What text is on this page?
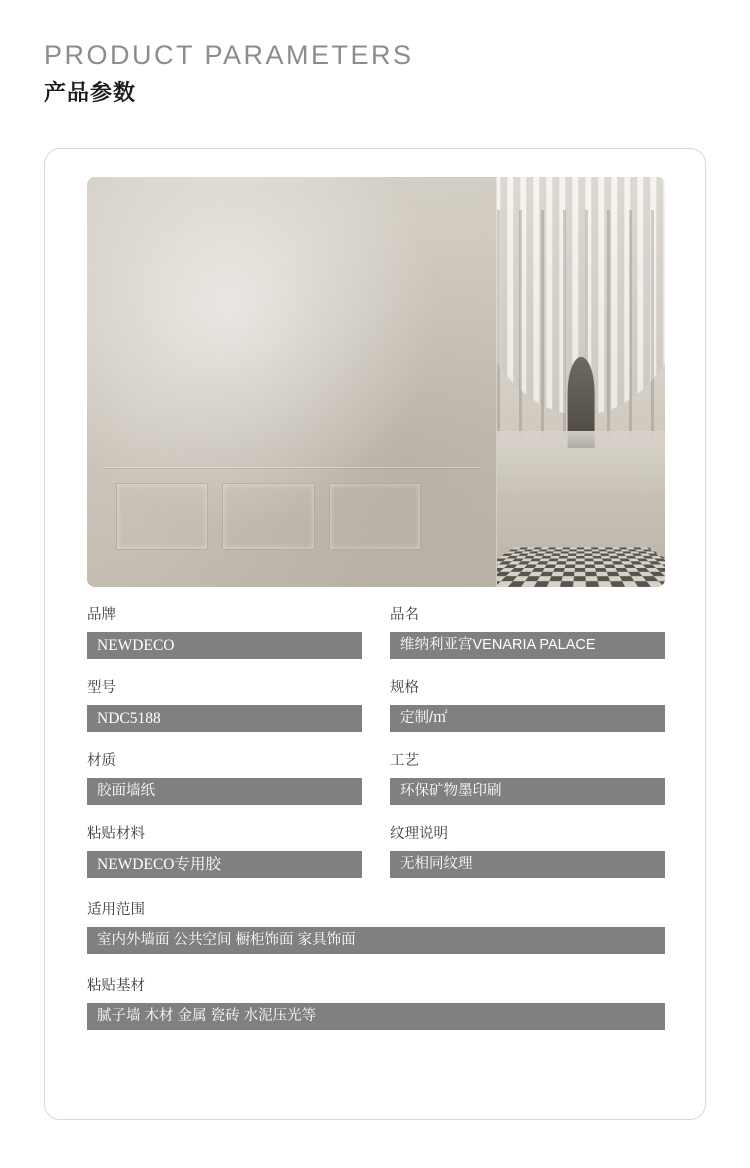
PRODUCT PARAMETERS
产品参数
品牌
NEWDECO
品名
维纳利亚宫VENARIA PALACE
型号
NDC5188
规格
定制/㎡
材质
胶面墙纸
工艺
环保矿物墨印刷
粘贴材料
NEWDECO专用胶
纹理说明
无相同纹理
适用范围
室内外墙面 公共空间 橱柜饰面 家具饰面
粘贴基材
腻子墙 木材 金属 瓷砖 水泥压光等
